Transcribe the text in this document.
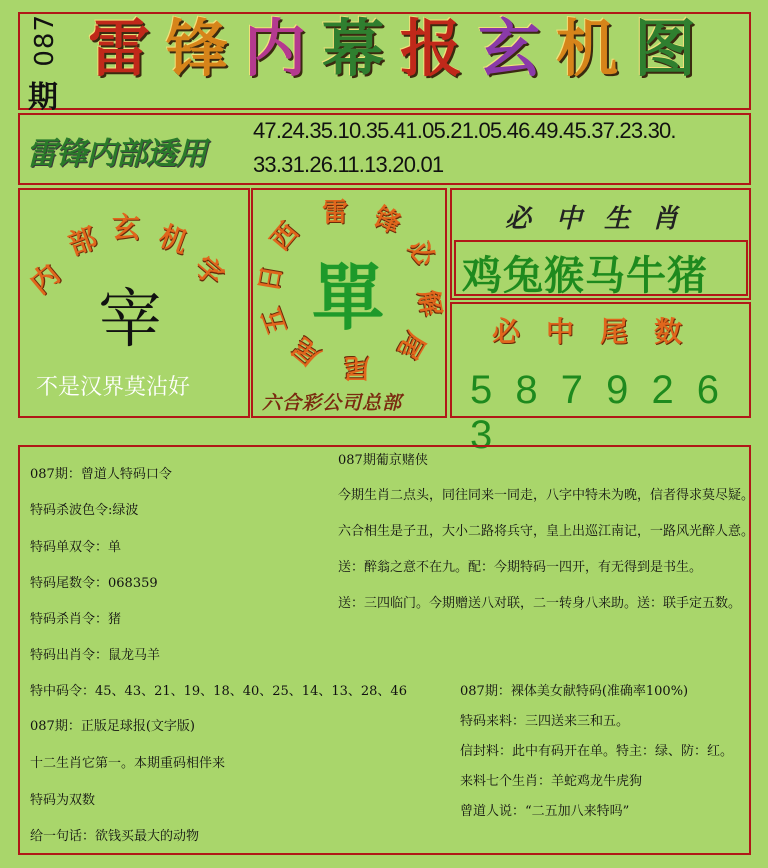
087
期
雷 锋 内 幕 报 玄 机 图
雷锋内部透用
47.24.35.10.35.41.05.21.05.46.49.45.37.23.30.
33.31.26.11.13.20.01
内
部 玄 机
字
宰
不是汉界莫沾好
西
雷 锋
必
解
尾
尾
尾
五
日 單
六合彩公司总部
必 中 生 肖
鸡兔猴马牛猪
必 中 尾 数
5 8 7 9 2 6 3
087期：曾道人特码口令
特码杀波色令:绿波
特码单双令：单
特码尾数令：068359
特码杀肖令：猪
特码出肖令：鼠龙马羊
087期葡京赌侠
今期生肖二点头，同往同来一同走，八字中特未为晚，信者得求莫尽疑。
六合相生是子丑，大小二路将兵守，皇上出巡江南记，一路风光醉人意。
送：醉翁之意不在九。配：今期特码一四开，有无得到是书生。
送：三四临门。今期赠送八对联，二一转身八来助。送：联手定五数。
特中码令：45、43、21、19、18、40、25、14、13、28、46
087期：正版足球报(文字版)
十二生肖它第一。本期重码相伴来
特码为双数
给一句话：欲钱买最大的动物
087期：裸体美女献特码(准确率100%)
特码来料：三四送来三和五。
信封料：此中有码开在单。特主：绿、防：红。
来料七个生肖：羊蛇鸡龙牛虎狗
曾道人说：“二五加八来特吗”
